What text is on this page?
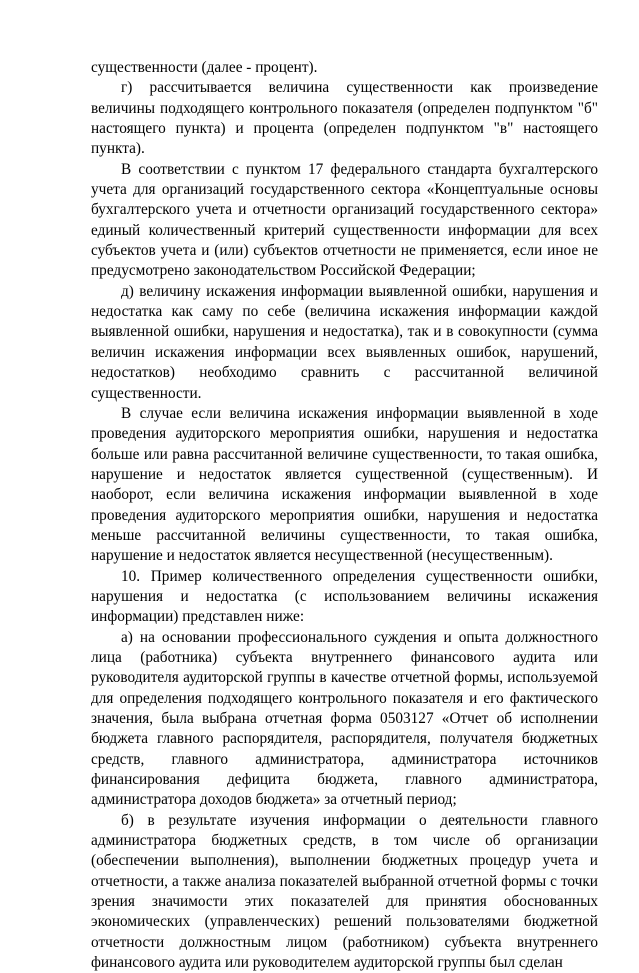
существенности (далее - процент).

г) рассчитывается величина существенности как произведение величины подходящего контрольного показателя (определен подпунктом "б" настоящего пункта) и процента (определен подпунктом "в" настоящего пункта).

В соответствии с пунктом 17 федерального стандарта бухгалтерского учета для организаций государственного сектора «Концептуальные основы бухгалтерского учета и отчетности организаций государственного сектора» единый количественный критерий существенности информации для всех субъектов учета и (или) субъектов отчетности не применяется, если иное не предусмотрено законодательством Российской Федерации;

д) величину искажения информации выявленной ошибки, нарушения и недостатка как саму по себе (величина искажения информации каждой выявленной ошибки, нарушения и недостатка), так и в совокупности (сумма величин искажения информации всех выявленных ошибок, нарушений, недостатков) необходимо сравнить с рассчитанной величиной существенности.

В случае если величина искажения информации выявленной в ходе проведения аудиторского мероприятия ошибки, нарушения и недостатка больше или равна рассчитанной величине существенности, то такая ошибка, нарушение и недостаток является существенной (существенным). И наоборот, если величина искажения информации выявленной в ходе проведения аудиторского мероприятия ошибки, нарушения и недостатка меньше рассчитанной величины существенности, то такая ошибка, нарушение и недостаток является несущественной (несущественным).

10. Пример количественного определения существенности ошибки, нарушения и недостатка (с использованием величины искажения информации) представлен ниже:

а) на основании профессионального суждения и опыта должностного лица (работника) субъекта внутреннего финансового аудита или руководителя аудиторской группы в качестве отчетной формы, используемой для определения подходящего контрольного показателя и его фактического значения, была выбрана отчетная форма 0503127 «Отчет об исполнении бюджета главного распорядителя, распорядителя, получателя бюджетных средств, главного администратора, администратора источников финансирования дефицита бюджета, главного администратора, администратора доходов бюджета» за отчетный период;

б) в результате изучения информации о деятельности главного администратора бюджетных средств, в том числе об организации (обеспечении выполнения), выполнении бюджетных процедур учета и отчетности, а также анализа показателей выбранной отчетной формы с точки зрения значимости этих показателей для принятия обоснованных экономических (управленческих) решений пользователями бюджетной отчетности должностным лицом (работником) субъекта внутреннего финансового аудита или руководителем аудиторской группы был сделан
